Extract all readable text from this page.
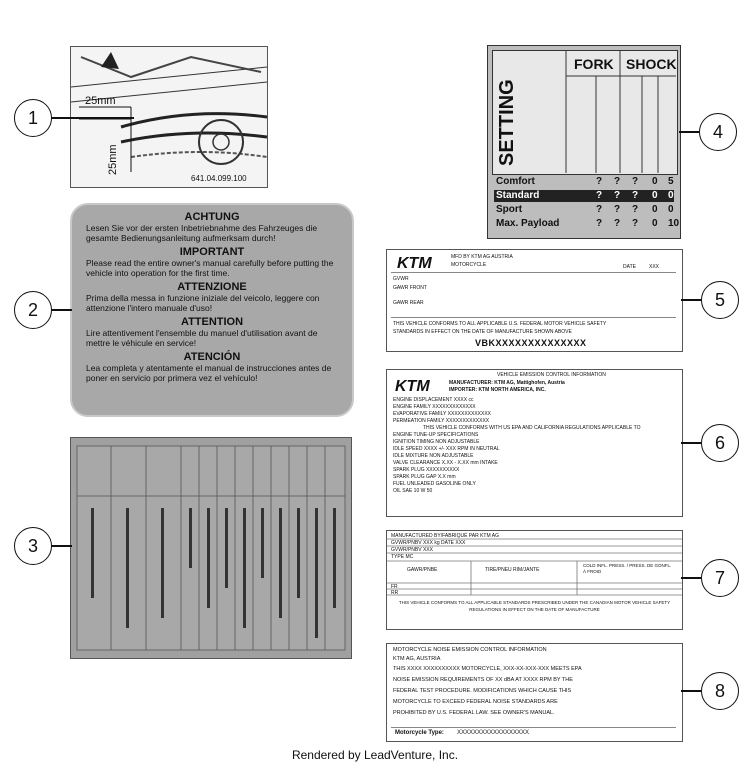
25mm
25mm
641.04.099.100
1
ACHTUNG
Lesen Sie vor der ersten Inbetriebnahme des Fahrzeuges die gesamte Bedienungsanleitung aufmerksam durch!
IMPORTANT
Please read the entire owner's manual carefully before putting the vehicle into operation for the first time.
ATTENZIONE
Prima della messa in funzione iniziale del veicolo, leggere con attenzione l'intero manuale d'uso!
ATTENTION
Lire attentivement l'ensemble du manuel d'utilisation avant de mettre le véhicule en service!
ATENCIÓN
Lea completa y atentamente el manual de instrucciones antes de poner en servicio por primera vez el vehículo!
2
3
SETTING
FORK SHOCK
Comfort	? ? ? 0 5
Standard	? ? ? 0 0
Sport	? ? ? 0 0
Max. Payload	? ? ? 0 10
4
KTM	MFD BY KTM AG AUSTRIA
MOTORCYCLE	DATE	XXX
GVWR
GAWR FRONT
GAWR REAR
THIS VEHICLE CONFORMS TO ALL APPLICABLE U.S. FEDERAL MOTOR VEHICLE SAFETY
STANDARDS IN EFFECT ON THE DATE OF MANUFACTURE SHOWN ABOVE
VBKXXXXXXXXXXXXXX
5
VEHICLE EMISSION CONTROL INFORMATION
KTM	MANUFACTURER: KTM AG, Mattighofen, Austria
IMPORTER: KTM NORTH AMERICA, INC.
ENGINE DISPLACEMENT XXXX cc
ENGINE FAMILY XXXXXXXXXXXXX
EVAPORATIVE FAMILY XXXXXXXXXXXXX
PERMEATION FAMILY XXXXXXXXXXXXX
THIS VEHICLE CONFORMS WITH US EPA AND CALIFORNIA REGULATIONS APPLICABLE TO
ENGINE TUNE-UP SPECIFICATIONS
IGNITION TIMING NON ADJUSTABLE
IDLE SPEED XXXX +/- XXX RPM IN NEUTRAL
IDLE MIXTURE NON ADJUSTABLE
VALVE CLEARANCE X.XX - X.XX mm INTAKE
SPARK PLUG XXXXXXXXXX
SPARK PLUG GAP X.X mm
FUEL UNLEADED GASOLINE ONLY
OIL SAE 10 W 50
6
MANUFACTURED BY/FABRIQUÉ PAR KTM AG
GVWR/PNBV XXX kg DATE XXX
GVWR/PNBV XXX
TYPE MC
GAWR/PNBE	TIRE/PNEU RIM/JANTE
COLD INFL. PRESS. / PRESS. DE GONFL. À FROID
FR
RR
THIS VEHICLE CONFORMS TO ALL APPLICABLE STANDARDS PRESCRIBED UNDER THE CANADIAN MOTOR VEHICLE SAFETY REGULATIONS IN EFFECT ON THE DATE OF MANUFACTURE
7
MOTORCYCLE NOISE EMISSION CONTROL INFORMATION
KTM AG, AUSTRIA
THIS XXXX XXXXXXXXXX MOTORCYCLE, XXX-XX-XXX-XXX MEETS EPA
NOISE EMISSION REQUIREMENTS OF XX dBA AT XXXX RPM BY THE
FEDERAL TEST PROCEDURE. MODIFICATIONS WHICH CAUSE THIS
MOTORCYCLE TO EXCEED FEDERAL NOISE STANDARDS ARE
PROHIBITED BY U.S. FEDERAL LAW. SEE OWNER'S MANUAL.
Motorcycle Type: XXXXXXXXXXXXXXXXXX
8
Rendered by LeadVenture, Inc.
